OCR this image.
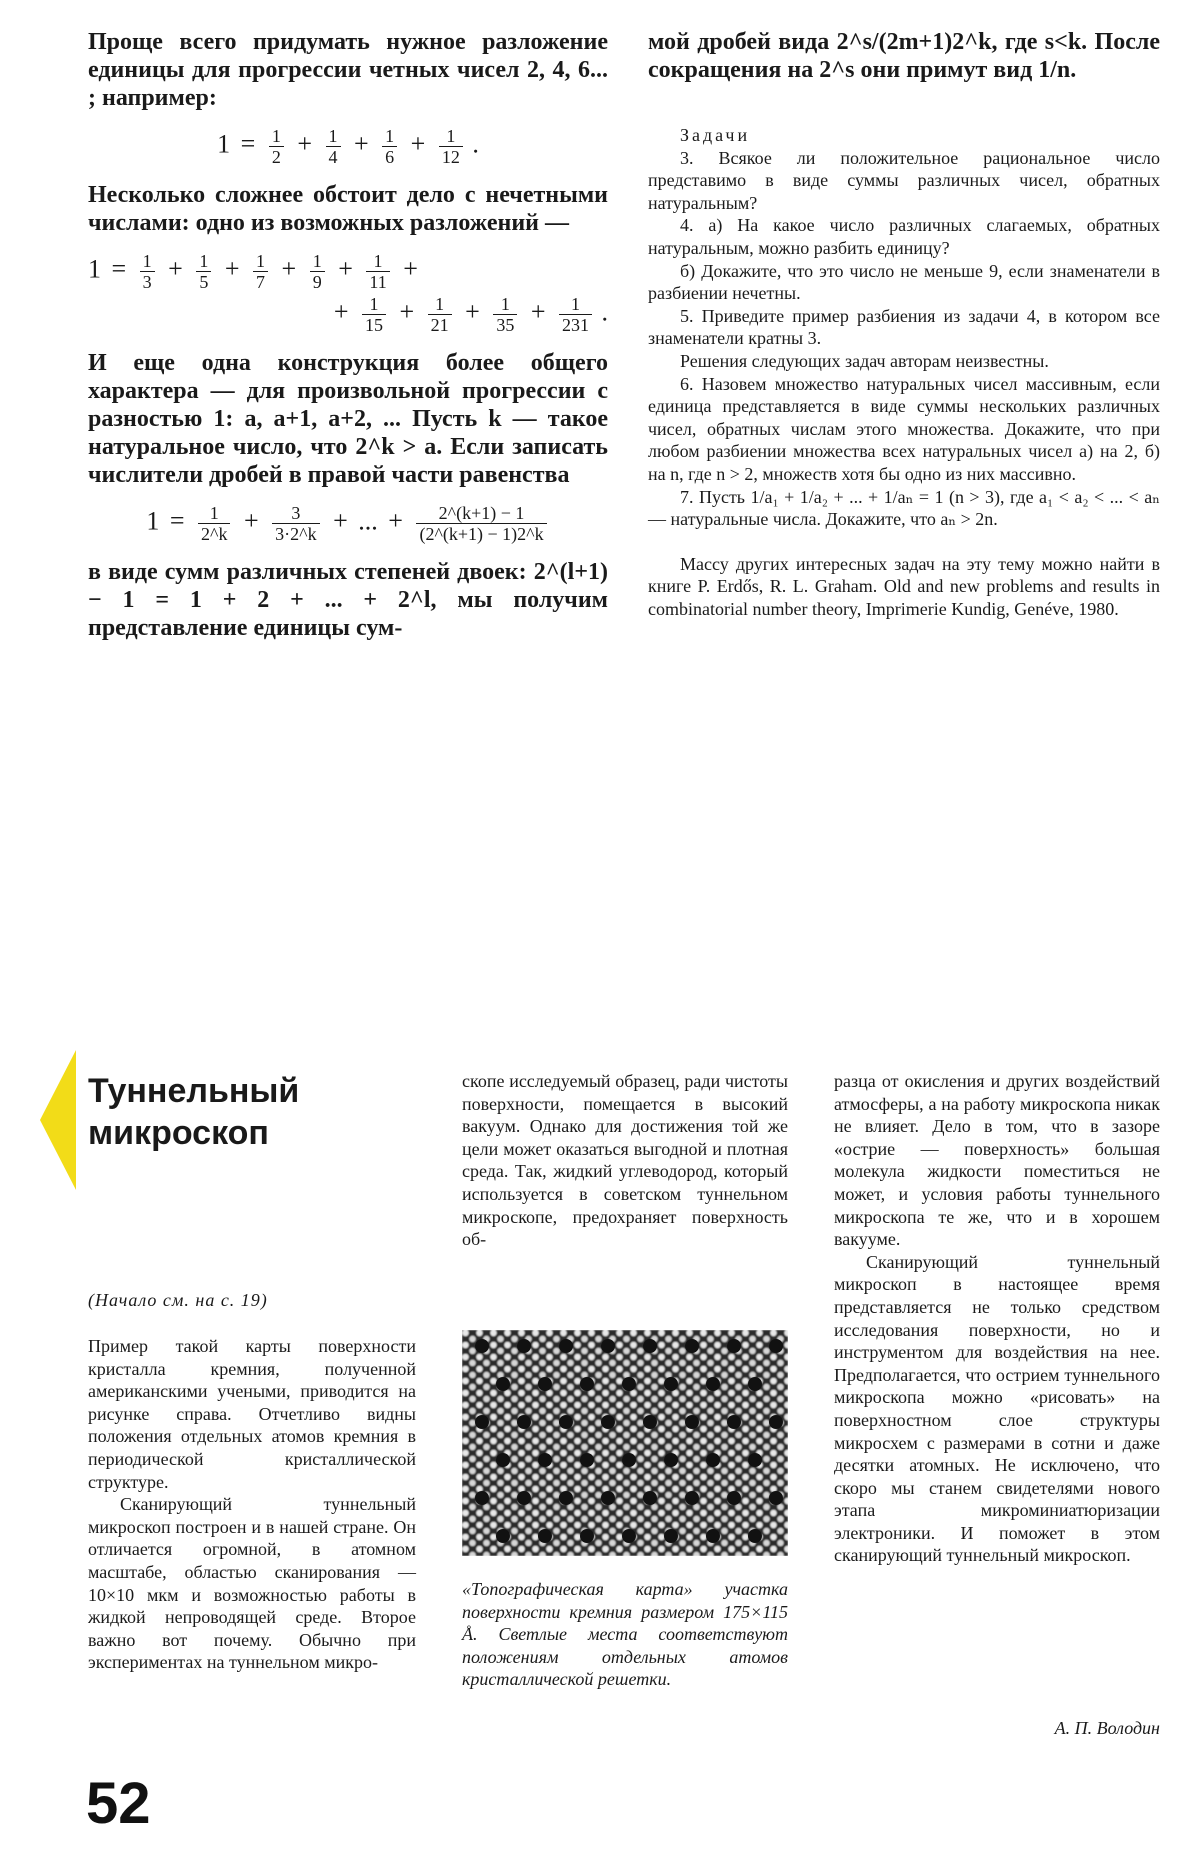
Проще всего придумать нужное разложение единицы для прогрессии четных чисел 2, 4, 6... ; например:

$1 = \frac{1}{2} + \frac{1}{4} + \frac{1}{6} + \frac{1}{12}$ .

Несколько сложнее обстоит дело с нечетными числами: одно из возможных разложений —

$1 = \frac{1}{3} + \frac{1}{5} + \frac{1}{7} + \frac{1}{9} + \frac{1}{11}$ +
+ $\frac{1}{15} + \frac{1}{21} + \frac{1}{35} + \frac{1}{231}$ .

И еще одна конструкция более общего характера — для произвольной прогрессии с разностью 1: a, a+1, a+2, ... Пусть k — такое натуральное число, что 2^k > a. Если записать числители дробей в правой части равенства

$1 = \frac{1}{2\^{}k} + \frac{3}{3\cdot 2\^{}k}$ + ... + $\frac{2\^{}(k+1) - 1}{(2\^{}(k+1) - 1)2\^{}k}$

в виде сумм различных степеней двоек: 2^(l+1) − 1 = 1 + 2 + ... + 2^l, мы получим представление единицы сум-

мой дробей вида 2^s/(2m+1)2^k, где s<k. После сокращения на 2^s они примут вид 1/n.

Задачи

3. Всякое ли положительное рациональное число представимо в виде суммы различных чисел, обратных натуральным?

4. а) На какое число различных слагаемых, обратных натуральным, можно разбить единицу?

б) Докажите, что это число не меньше 9, если знаменатели в разбиении нечетны.

5. Приведите пример разбиения из задачи 4, в котором все знаменатели кратны 3.

Решения следующих задач авторам неизвестны.

6. Назовем множество натуральных чисел массивным, если единица представляется в виде суммы нескольких различных чисел, обратных числам этого множества. Докажите, что при любом разбиении множества всех натуральных чисел а) на 2, б) на n, где n > 2, множеств хотя бы одно из них массивно.

7. Пусть 1/a₁ + 1/a₂ + ... + 1/aₙ = 1 (n > 3), где a₁ < a₂ < ... < aₙ — натуральные числа. Докажите, что aₙ > 2n.

Массу других интересных задач на эту тему можно найти в книге P. Erdős, R. L. Graham. Old and new problems and results in combinatorial number theory, Imprimerie Kundig, Genéve, 1980.

Туннельный
микроскоп
(Начало см. на с. 19)

Пример такой карты поверхности кристалла кремния, полученной американскими учеными, приводится на рисунке справа. Отчетливо видны положения отдельных атомов кремния в периодической кристаллической структуре.

Сканирующий туннельный микроскоп построен и в нашей стране. Он отличается огромной, в атомном масштабе, областью сканирования — 10×10 мкм и возможностью работы в жидкой непроводящей среде. Второе важно вот почему. Обычно при экспериментах на туннельном микро-

скопе исследуемый образец, ради чистоты поверхности, помещается в высокий вакуум. Однако для достижения той же цели может оказаться выгодной и плотная среда. Так, жидкий углеводород, который используется в советском туннельном микроскопе, предохраняет поверхность об-

«Топографическая карта» участка поверхности кремния размером 175×115 Å. Светлые места соответствуют положениям отдельных атомов кристаллической решетки.

разца от окисления и других воздействий атмосферы, а на работу микроскопа никак не влияет. Дело в том, что в зазоре «острие — поверхность» большая молекула жидкости поместиться не может, и условия работы туннельного микроскопа те же, что и в хорошем вакууме.

Сканирующий туннельный микроскоп в настоящее время представляется не только средством исследования поверхности, но и инструментом для воздействия на нее. Предполагается, что острием туннельного микроскопа можно «рисовать» на поверхностном слое структуры микросхем с размерами в сотни и даже десятки атомных. Не исключено, что скоро мы станем свидетелями нового этапа микроминиатюризации электроники. И поможет в этом сканирующий туннельный микроскоп.

А. П. Володин
52
